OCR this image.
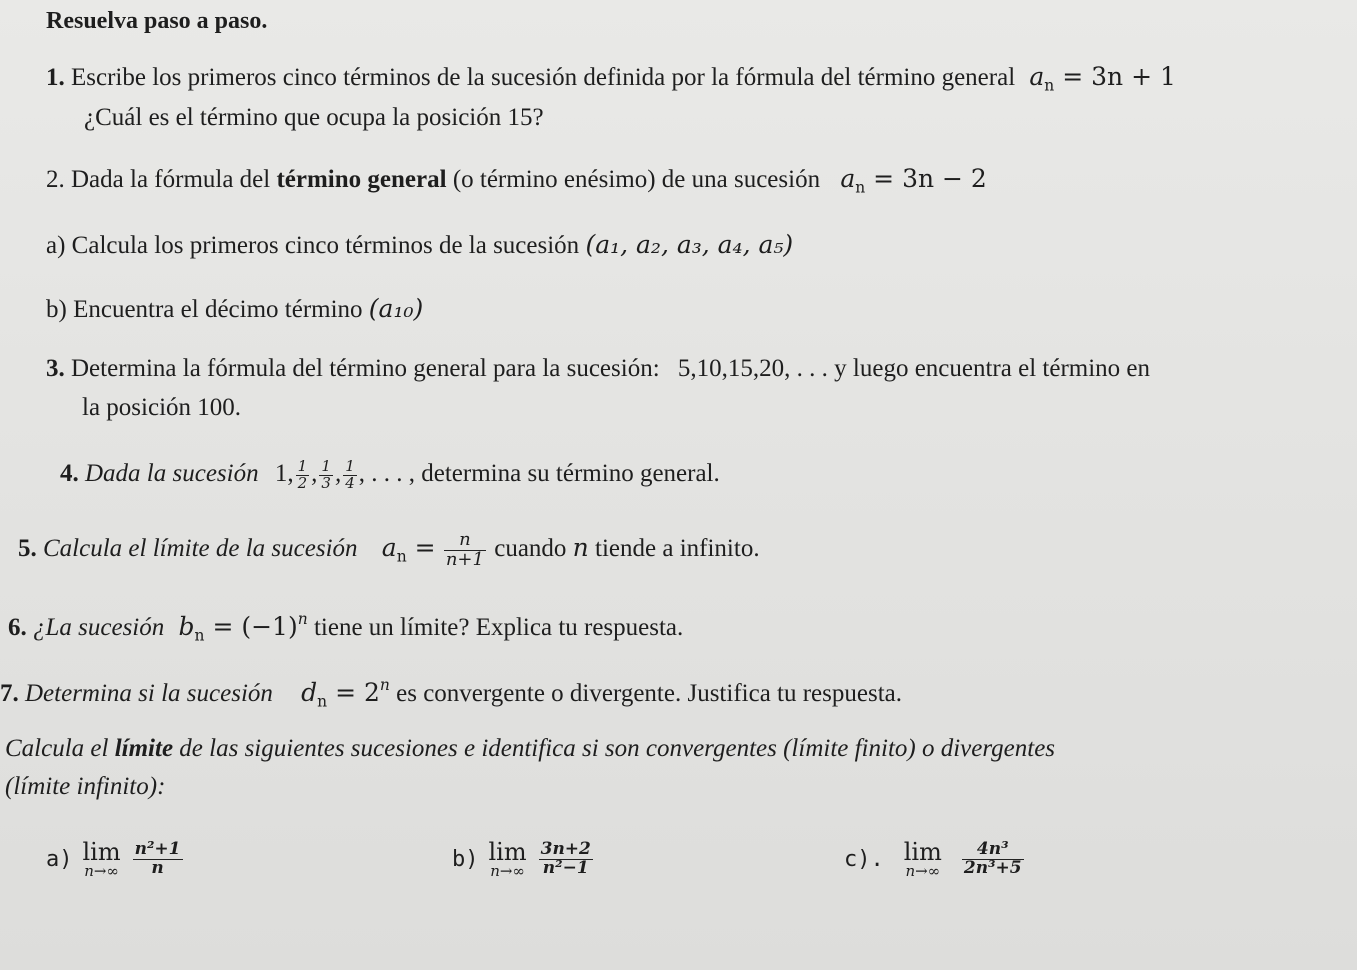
Resuelva paso a paso.
1. Escribe los primeros cinco términos de la sucesión definida por la fórmula del término general $a_n = 3n + 1$
¿Cuál es el término que ocupa la posición 15?
2. Dada la fórmula del término general (o término enésimo) de una sucesión $a_n = 3n - 2$
a) Calcula los primeros cinco términos de la sucesión (a₁, a₂, a₃, a₄, a₅)
b) Encuentra el décimo término (a₁₀)
3. Determina la fórmula del término general para la sucesión: 5,10,15,20, . . . y luego encuentra el término en
la posición 100.
4. Dada la sucesión 1, $\frac{1}{2}$ , $\frac{1}{3}$ , $\frac{1}{4}$ , . . . , determina su término general.
5. Calcula el límite de la sucesión $a_n = \frac{n}{n+1}$ cuando n tiende a infinito.
6. ¿La sucesión $b_n = (-1)^n$ tiene un límite? Explica tu respuesta.
7. Determina si la sucesión $d_n = 2^n$ es convergente o divergente. Justifica tu respuesta.
Calcula el límite de las siguientes sucesiones e identifica si son convergentes (límite finito) o divergentes
(límite infinito):
a) lim
$n\to\infty \frac{\text{n²+1}}{n}$	b) lim
$n\to\infty \frac{3n+2}{\text{n²−1}}$	c). lim
$n\to\infty \frac{\text{4n³}}{\text{2n³+5}}$
